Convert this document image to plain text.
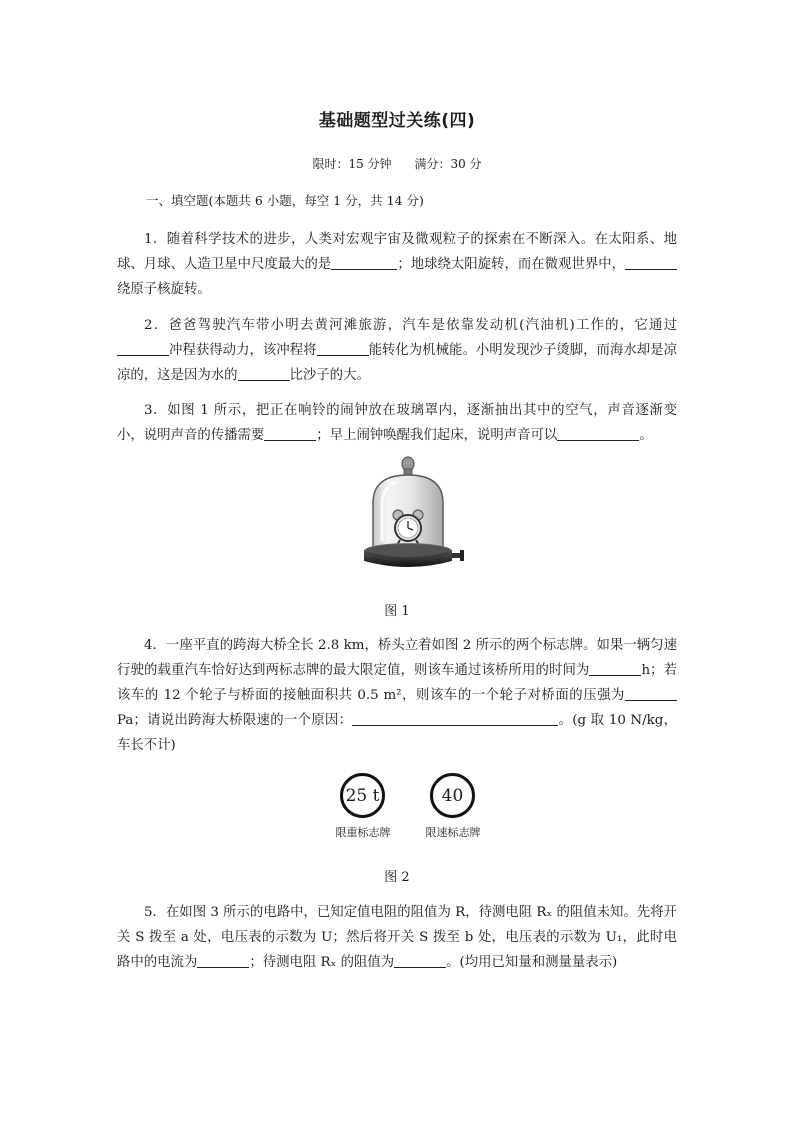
基础题型过关练(四)
限时：15 分钟      满分：30 分
一、填空题(本题共 6 小题，每空 1 分，共 14 分)
1．随着科学技术的进步，人类对宏观宇宙及微观粒子的探索在不断深入。在太阳系、地球、月球、人造卫星中尺度最大的是	；地球绕太阳旋转，而在微观世界中，绕原子核旋转。
2．爸爸驾驶汽车带小明去黄河滩旅游，汽车是依靠发动机(汽油机)工作的，它通过冲程获得动力，该冲程将	能转化为机械能。小明发现沙子烫脚，而海水却是凉凉的，这是因为水的	比沙子的大。
3．如图 1 所示，把正在响铃的闹钟放在玻璃罩内，逐渐抽出其中的空气，声音逐渐变小，说明声音的传播需要	；早上闹钟唤醒我们起床，说明声音可以	。
图 1
4．一座平直的跨海大桥全长 2.8 km，桥头立着如图 2 所示的两个标志牌。如果一辆匀速行驶的载重汽车恰好达到两标志牌的最大限定值，则该车通过该桥所用的时间为	h；若该车的 12 个轮子与桥面的接触面积共 0.5 m²，则该车的一个轮子对桥面的压强为Pa；请说出跨海大桥限速的一个原因：	。(g 取 10 N/kg，车长不计)
25 t
限重标志牌
40
限速标志牌
图 2
5．在如图 3 所示的电路中，已知定值电阻的阻值为 R，待测电阻 Rₓ 的阻值未知。先将开关 S 拨至 a 处，电压表的示数为 U；然后将开关 S 拨至 b 处，电压表的示数为 U₁，此时电路中的电流为	；待测电阻 Rₓ 的阻值为	。(均用已知量和测量量表示)
